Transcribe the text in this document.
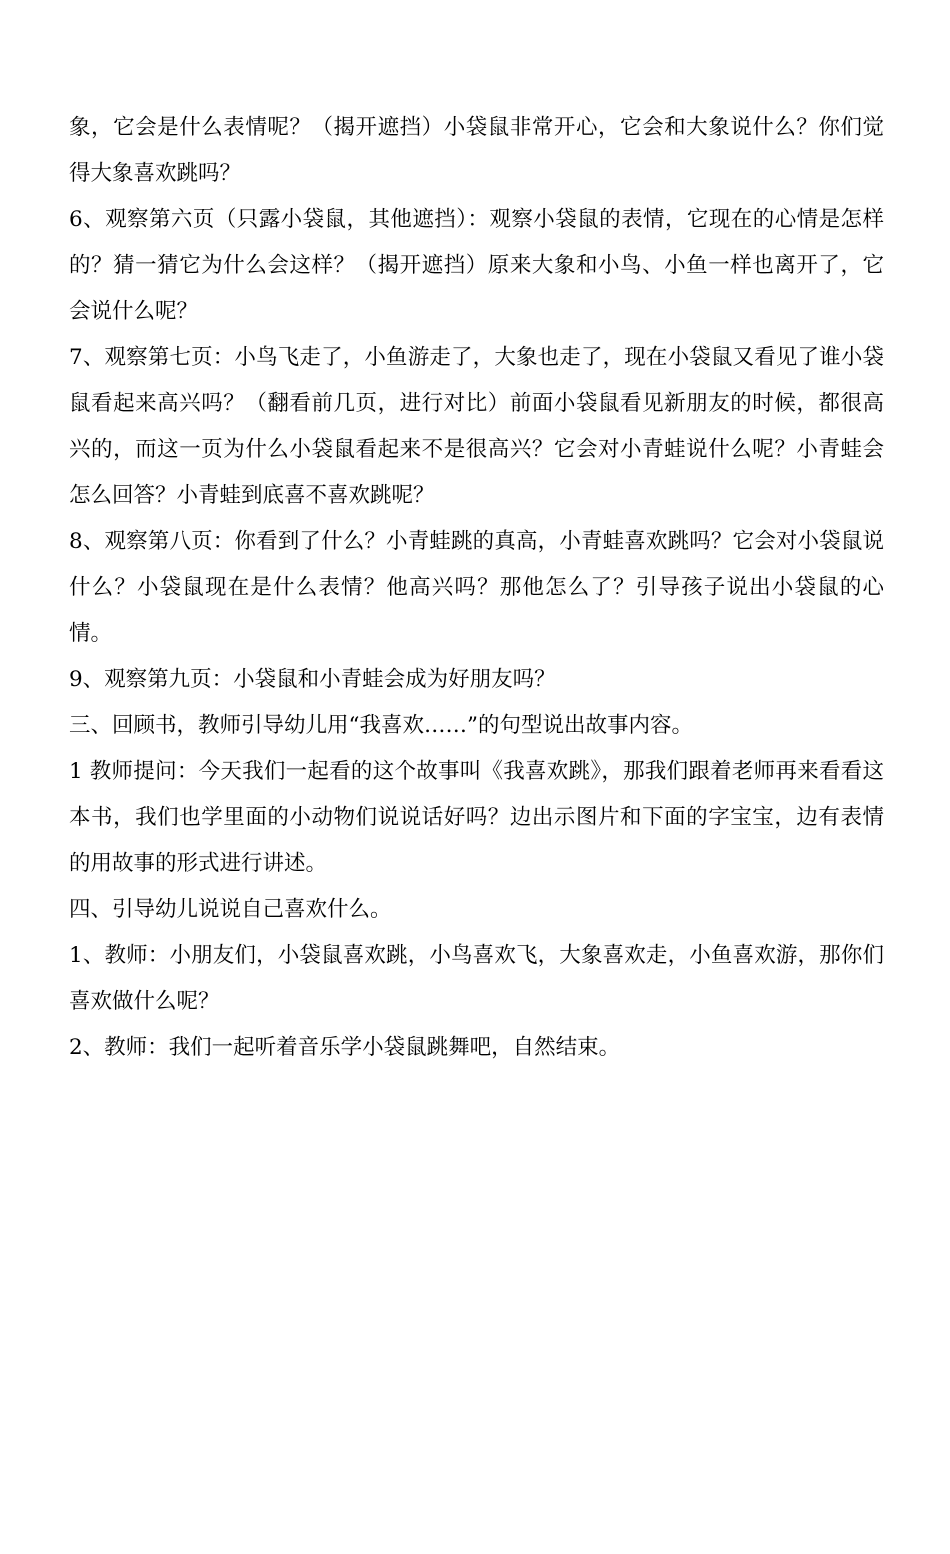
象，它会是什么表情呢？（揭开遮挡）小袋鼠非常开心，它会和大象说什么？你们觉得大象喜欢跳吗？

6、观察第六页（只露小袋鼠，其他遮挡）：观察小袋鼠的表情，它现在的心情是怎样的？猜一猜它为什么会这样？（揭开遮挡）原来大象和小鸟、小鱼一样也离开了，它会说什么呢？

7、观察第七页：小鸟飞走了，小鱼游走了，大象也走了，现在小袋鼠又看见了谁小袋鼠看起来高兴吗？（翻看前几页，进行对比）前面小袋鼠看见新朋友的时候，都很高兴的，而这一页为什么小袋鼠看起来不是很高兴？它会对小青蛙说什么呢？小青蛙会怎么回答？小青蛙到底喜不喜欢跳呢？

8、观察第八页：你看到了什么？小青蛙跳的真高，小青蛙喜欢跳吗？它会对小袋鼠说什么？小袋鼠现在是什么表情？他高兴吗？那他怎么了？引导孩子说出小袋鼠的心情。

9、观察第九页：小袋鼠和小青蛙会成为好朋友吗？

三、回顾书，教师引导幼儿用“我喜欢……”的句型说出故事内容。

1 教师提问：今天我们一起看的这个故事叫《我喜欢跳》，那我们跟着老师再来看看这本书，我们也学里面的小动物们说说话好吗？边出示图片和下面的字宝宝，边有表情的用故事的形式进行讲述。

四、引导幼儿说说自己喜欢什么。

1、教师：小朋友们，小袋鼠喜欢跳，小鸟喜欢飞，大象喜欢走，小鱼喜欢游，那你们喜欢做什么呢？

2、教师：我们一起听着音乐学小袋鼠跳舞吧，自然结束。
